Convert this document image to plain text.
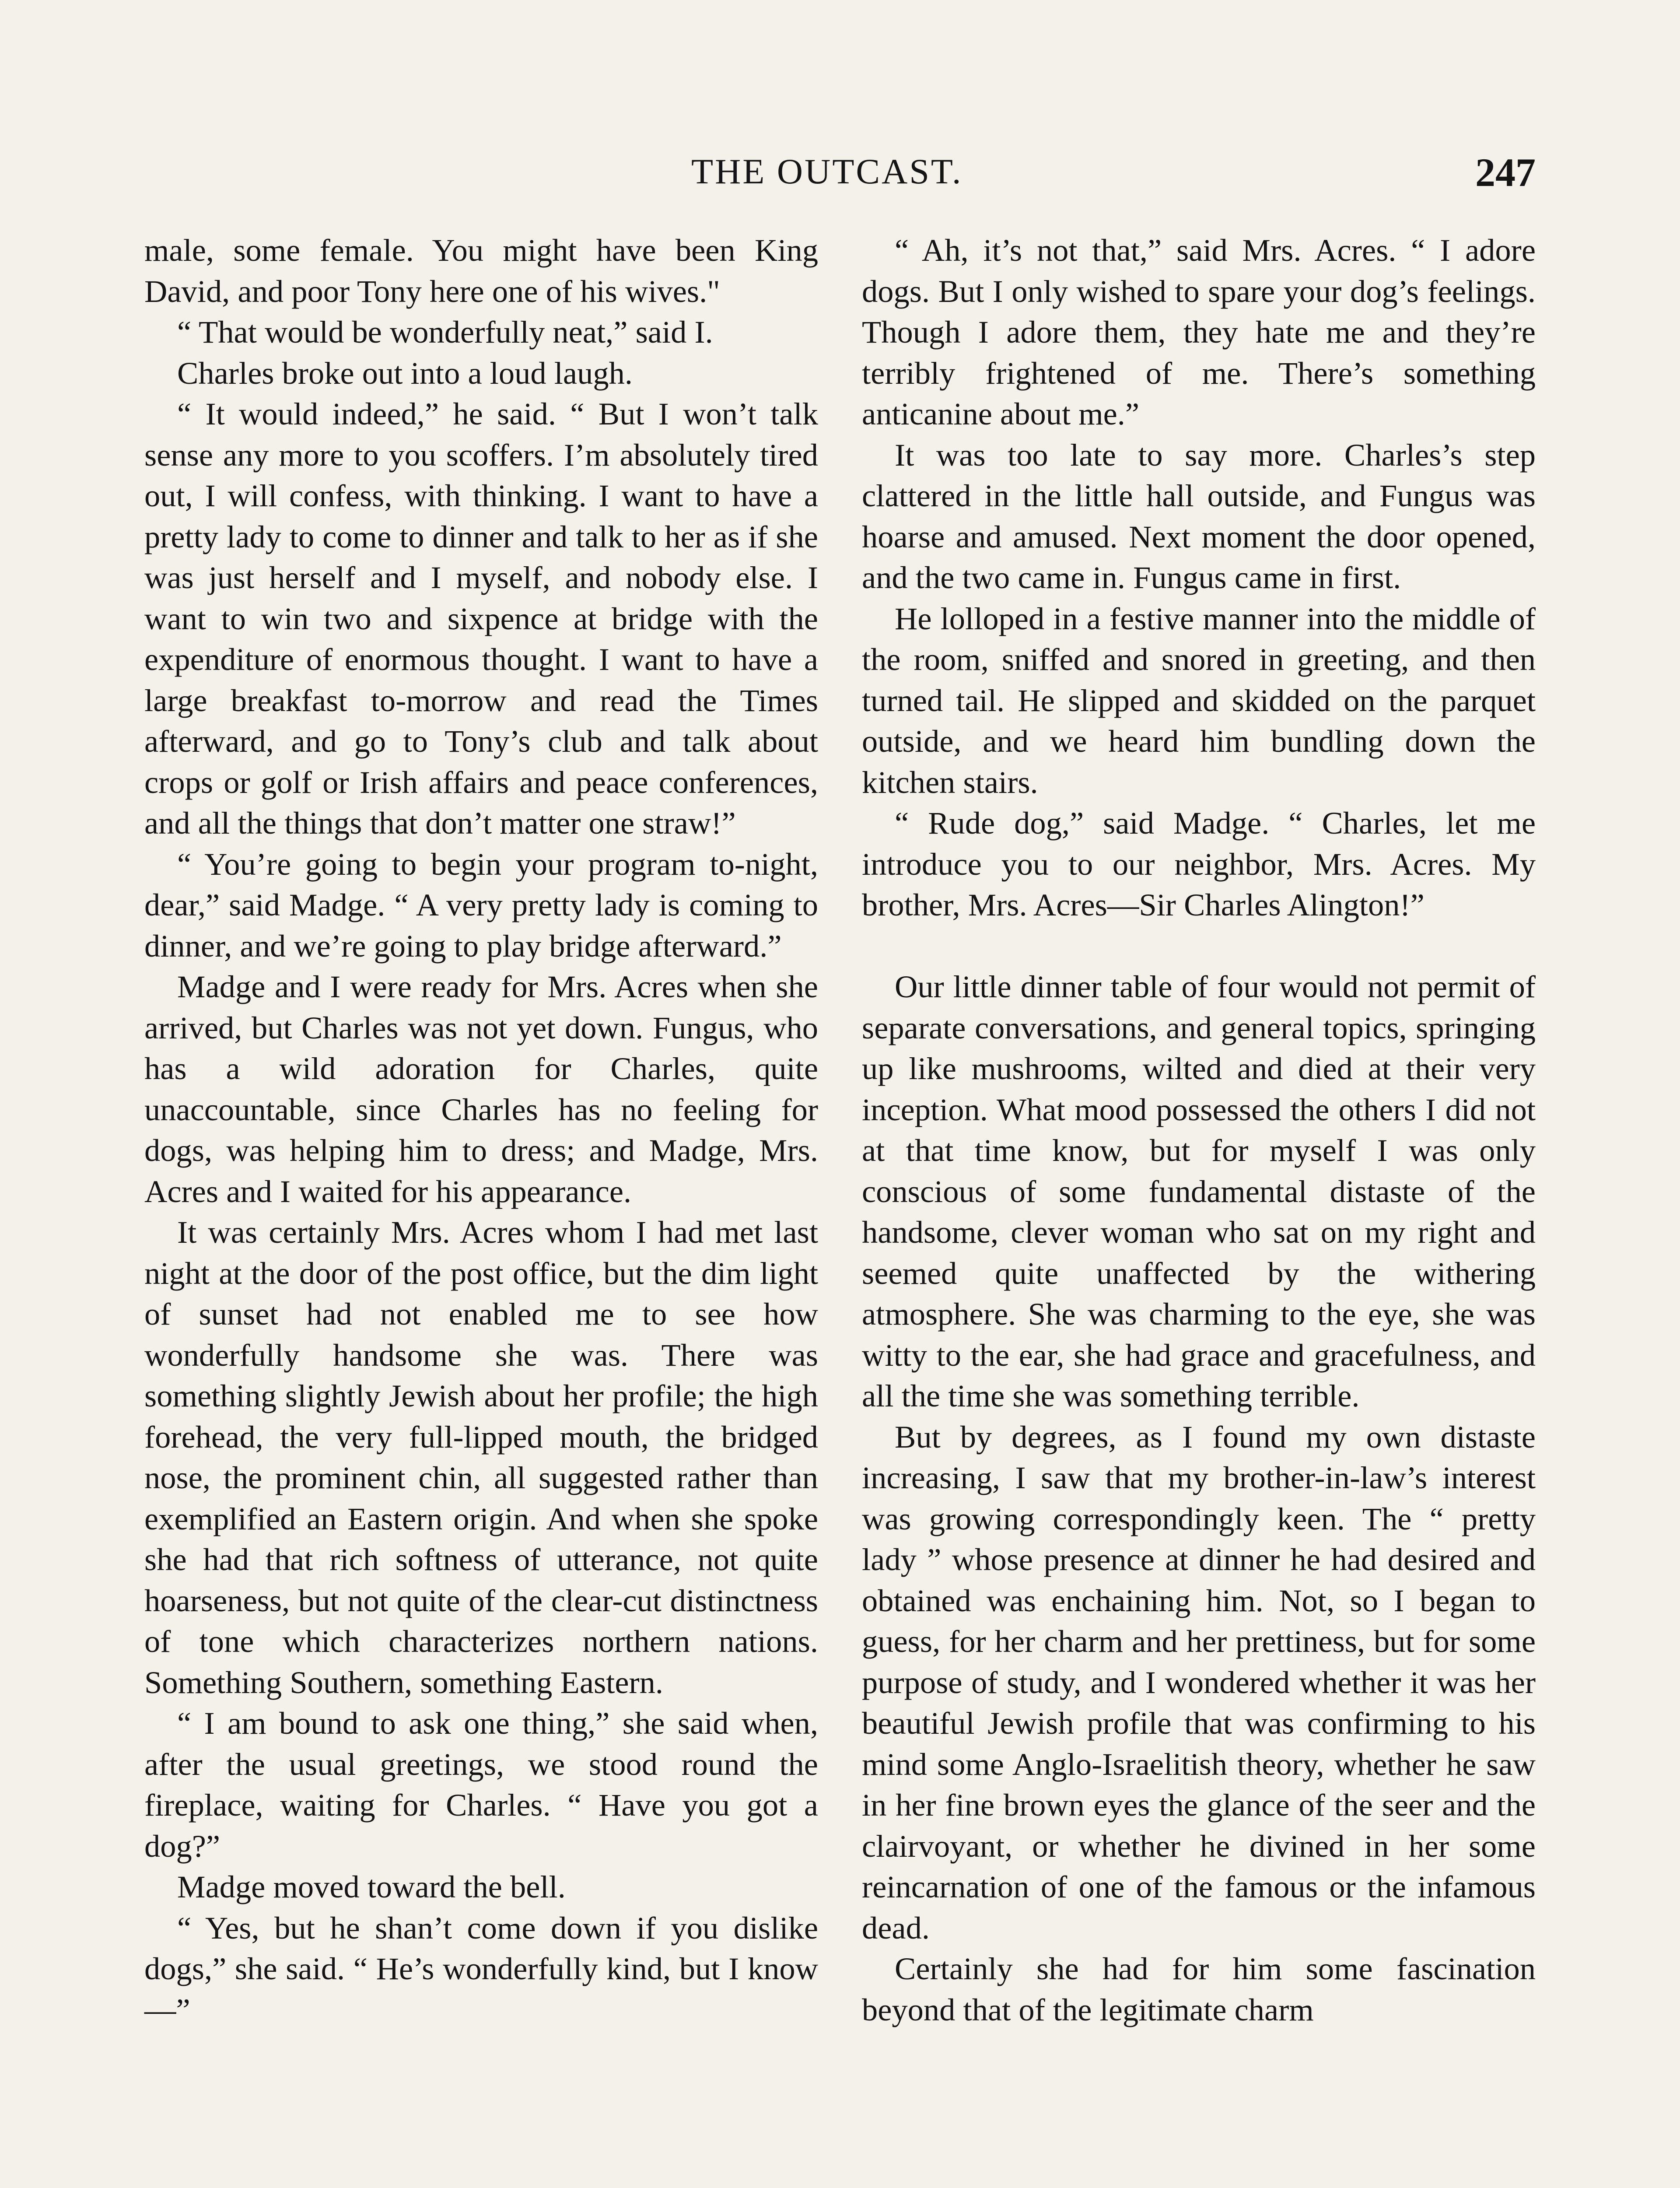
THE OUTCAST.	247

male, some female. You might have been King David, and poor Tony here one of his wives."

“ That would be wonderfully neat,” said I.

Charles broke out into a loud laugh.

“ It would indeed,” he said. “ But I won’t talk sense any more to you scoffers. I’m absolutely tired out, I will confess, with thinking. I want to have a pretty lady to come to dinner and talk to her as if she was just herself and I myself, and nobody else. I want to win two and sixpence at bridge with the expenditure of enormous thought. I want to have a large breakfast to-morrow and read the Times afterward, and go to Tony’s club and talk about crops or golf or Irish affairs and peace conferences, and all the things that don’t matter one straw!”

“ You’re going to begin your program to-night, dear,” said Madge. “ A very pretty lady is coming to dinner, and we’re going to play bridge afterward.”

Madge and I were ready for Mrs. Acres when she arrived, but Charles was not yet down. Fungus, who has a wild adoration for Charles, quite unaccountable, since Charles has no feeling for dogs, was helping him to dress; and Madge, Mrs. Acres and I waited for his appearance.

It was certainly Mrs. Acres whom I had met last night at the door of the post office, but the dim light of sunset had not enabled me to see how wonderfully handsome she was. There was something slightly Jewish about her profile; the high forehead, the very full-lipped mouth, the bridged nose, the prominent chin, all suggested rather than exemplified an Eastern origin. And when she spoke she had that rich softness of utterance, not quite hoarseness, but not quite of the clear-cut distinctness of tone which characterizes northern nations. Something Southern, something Eastern.

“ I am bound to ask one thing,” she said when, after the usual greetings, we stood round the fireplace, waiting for Charles. “ Have you got a dog?”

Madge moved toward the bell.

“ Yes, but he shan’t come down if you dislike dogs,” she said. “ He’s wonderfully kind, but I know—”

“ Ah, it’s not that,” said Mrs. Acres. “ I adore dogs. But I only wished to spare your dog’s feelings. Though I adore them, they hate me and they’re terribly frightened of me. There’s something anticanine about me.”

It was too late to say more. Charles’s step clattered in the little hall outside, and Fungus was hoarse and amused. Next moment the door opened, and the two came in. Fungus came in first.

He lolloped in a festive manner into the middle of the room, sniffed and snored in greeting, and then turned tail. He slipped and skidded on the parquet outside, and we heard him bundling down the kitchen stairs.

“ Rude dog,” said Madge. “ Charles, let me introduce you to our neighbor, Mrs. Acres. My brother, Mrs. Acres—Sir Charles Alington!”

Our little dinner table of four would not permit of separate conversations, and general topics, springing up like mushrooms, wilted and died at their very inception. What mood possessed the others I did not at that time know, but for myself I was only conscious of some fundamental distaste of the handsome, clever woman who sat on my right and seemed quite unaffected by the withering atmosphere. She was charming to the eye, she was witty to the ear, she had grace and gracefulness, and all the time she was something terrible.

But by degrees, as I found my own distaste increasing, I saw that my brother-in-law’s interest was growing correspondingly keen. The “ pretty lady ” whose presence at dinner he had desired and obtained was enchaining him. Not, so I began to guess, for her charm and her prettiness, but for some purpose of study, and I wondered whether it was her beautiful Jewish profile that was confirming to his mind some Anglo-Israelitish theory, whether he saw in her fine brown eyes the glance of the seer and the clairvoyant, or whether he divined in her some reincarnation of one of the famous or the infamous dead.

Certainly she had for him some fascination beyond that of the legitimate charm
